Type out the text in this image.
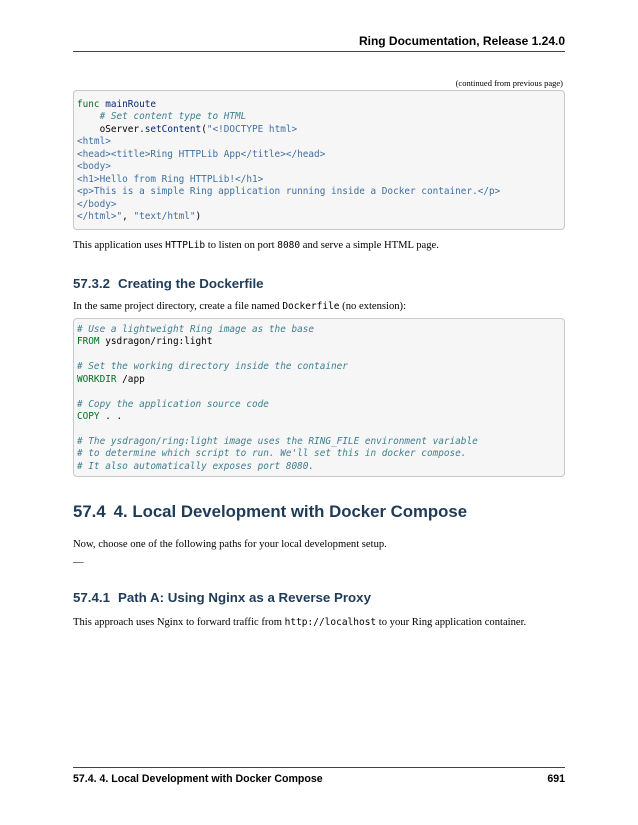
Ring Documentation, Release 1.24.0
(continued from previous page)
func mainRoute
# Set content type to HTML
oServer.setContent("<!DOCTYPE html>
<html>
<head><title>Ring HTTPLib App</title></head>
<body>
<h1>Hello from Ring HTTPLib!</h1>
<p>This is a simple Ring application running inside a Docker container.</p>
</body>
</html>", "text/html")
This application uses HTTPLib to listen on port 8080 and serve a simple HTML page.
57.3.2 Creating the Dockerfile
In the same project directory, create a file named Dockerfile (no extension):
# Use a lightweight Ring image as the base
FROM ysdragon/ring:light
# Set the working directory inside the container
WORKDIR /app
# Copy the application source code
COPY . .
# The ysdragon/ring:light image uses the RING_FILE environment variable
# to determine which script to run. We'll set this in docker compose.
# It also automatically exposes port 8080.
57.4 4. Local Development with Docker Compose
Now, choose one of the following paths for your local development setup.
—
57.4.1 Path A: Using Nginx as a Reverse Proxy
This approach uses Nginx to forward traffic from http://localhost to your Ring application container.
57.4. 4. Local Development with Docker Compose	691
